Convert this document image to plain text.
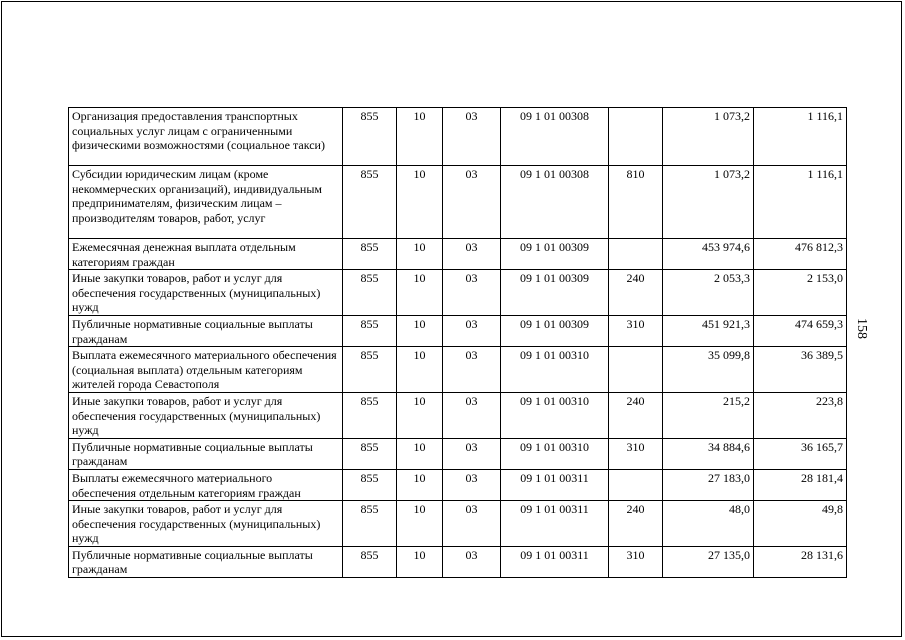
Организация предоставления транспортных социальных услуг лицам с ограниченными физическими возможностями (социальное такси)	855	10	03	09 1 01 00308		1 073,2	1 116,1
Субсидии юридическим лицам (кроме некоммерческих организаций), индивидуальным предпринимателям, физическим лицам – производителям товаров, работ, услуг	855	10	03	09 1 01 00308	810	1 073,2	1 116,1
Ежемесячная денежная выплата отдельным категориям граждан	855	10	03	09 1 01 00309		453 974,6	476 812,3
Иные закупки товаров, работ и услуг для обеспечения государственных (муниципальных) нужд	855	10	03	09 1 01 00309	240	2 053,3	2 153,0
Публичные нормативные социальные выплаты гражданам	855	10	03	09 1 01 00309	310	451 921,3	474 659,3
Выплата ежемесячного материального обеспечения (социальная выплата) отдельным категориям жителей города Севастополя	855	10	03	09 1 01 00310		35 099,8	36 389,5
Иные закупки товаров, работ и услуг для обеспечения государственных (муниципальных) нужд	855	10	03	09 1 01 00310	240	215,2	223,8
Публичные нормативные социальные выплаты гражданам	855	10	03	09 1 01 00310	310	34 884,6	36 165,7
Выплаты ежемесячного материального обеспечения отдельным категориям граждан	855	10	03	09 1 01 00311		27 183,0	28 181,4
Иные закупки товаров, работ и услуг для обеспечения государственных (муниципальных) нужд	855	10	03	09 1 01 00311	240	48,0	49,8
Публичные нормативные социальные выплаты гражданам	855	10	03	09 1 01 00311	310	27 135,0	28 131,6
158
